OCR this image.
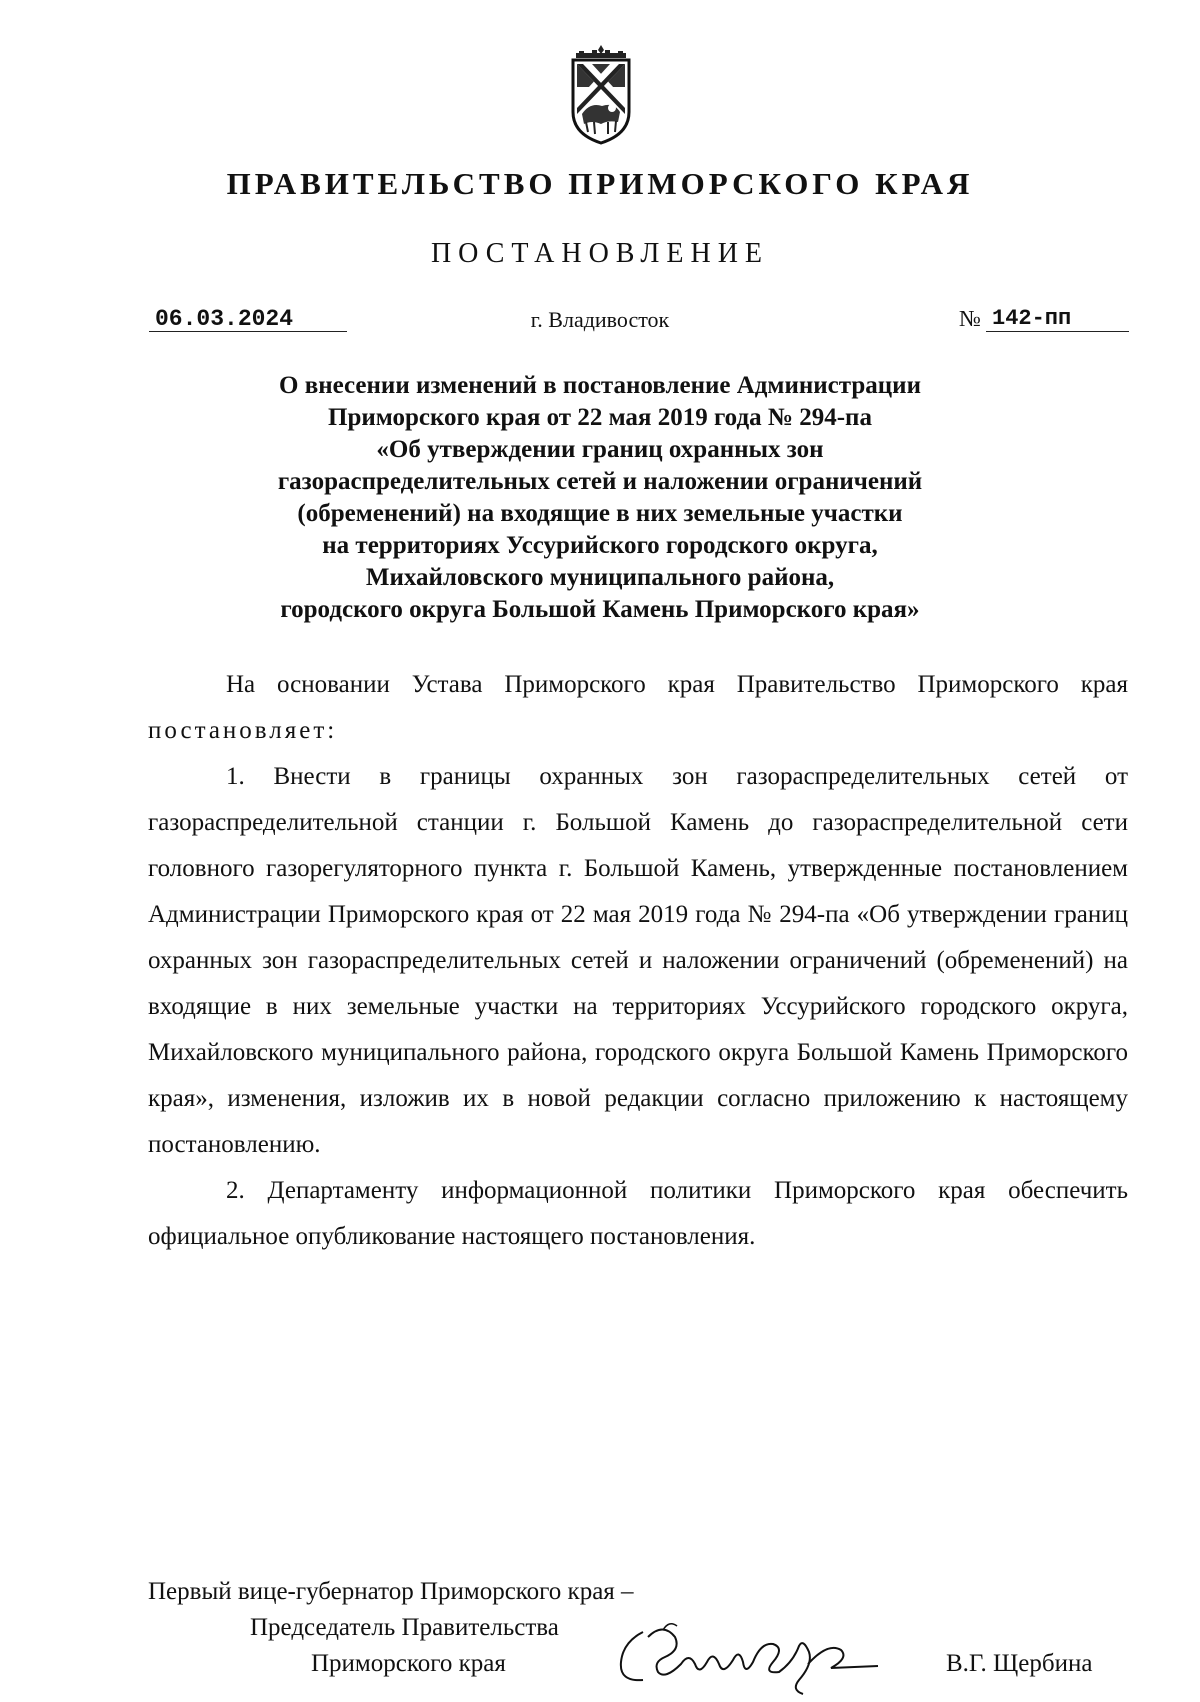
ПРАВИТЕЛЬСТВО ПРИМОРСКОГО КРАЯ
ПОСТАНОВЛЕНИЕ
06.03.2024	г. Владивосток	№ 142-пп
О внесении изменений в постановление Администрации
Приморского края от 22 мая 2019 года № 294-па
«Об утверждении границ охранных зон
газораспределительных сетей и наложении ограничений
(обременений) на входящие в них земельные участки
на территориях Уссурийского городского округа,
Михайловского муниципального района,
городского округа Большой Камень Приморского края»

На основании Устава Приморского края Правительство Приморского края постановляет:

1. Внести в границы охранных зон газораспределительных сетей от газораспределительной станции г. Большой Камень до газораспределительной сети головного газорегуляторного пункта г. Большой Камень, утвержденные постановлением Администрации Приморского края от 22 мая 2019 года № 294-па «Об утверждении границ охранных зон газораспределительных сетей и наложении ограничений (обременений) на входящие в них земельные участки на территориях Уссурийского городского округа, Михайловского муниципального района, городского округа Большой Камень Приморского края», изменения, изложив их в новой редакции согласно приложению к настоящему постановлению.

2. Департаменту информационной политики Приморского края обеспечить официальное опубликование настоящего постановления.

Первый вице-губернатор Приморского края –
Председатель Правительства
Приморского края	В.Г. Щербина
